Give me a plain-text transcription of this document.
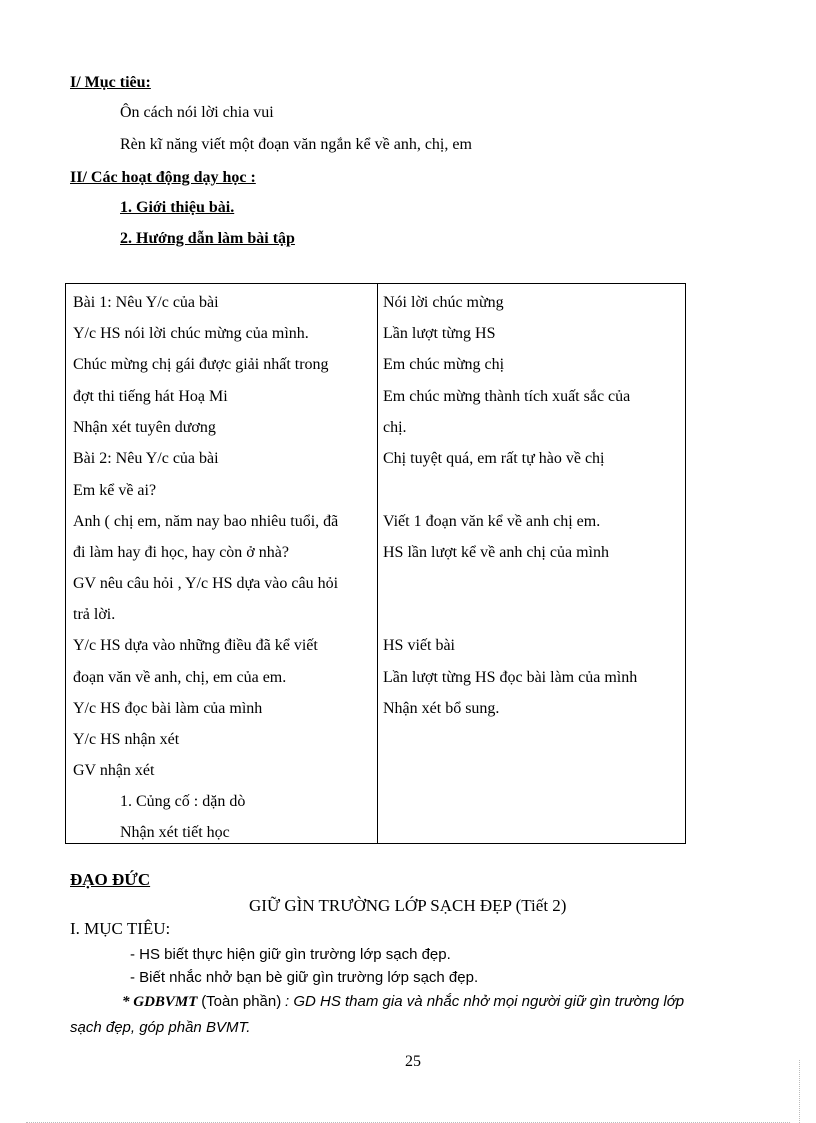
I/ Mục tiêu:
Ôn cách nói lời chia vui
Rèn kĩ năng viết một đoạn văn ngắn kể về anh, chị, em
II/ Các hoạt động dạy học :
1. Giới thiệu bài.
2. Hướng dẫn làm bài tập
Bài 1: Nêu Y/c của bài
Y/c HS nói lời chúc mừng của mình.
Chúc mừng chị gái được giải nhất trong
đợt thi tiếng hát Hoạ Mi
Nhận xét tuyên dương
Bài 2: Nêu Y/c của bài
Em kể về ai?
Anh ( chị em, năm nay bao nhiêu tuổi, đã
đi làm hay đi học, hay còn ở nhà?
GV nêu câu hỏi , Y/c HS dựa vào câu hỏi
trả lời.
Y/c HS dựa vào những điều đã kể viết
đoạn văn về anh, chị, em của em.
Y/c HS đọc bài làm của mình
Y/c HS nhận xét
GV nhận xét
1. Củng cố : dặn dò
Nhận xét tiết học
Nói lời chúc mừng
Lần lượt từng HS
Em chúc mừng chị
Em chúc mừng thành tích xuất sắc của
chị.
Chị tuyệt quá, em rất tự hào về chị
Viết 1 đoạn văn kể về anh chị em.
HS lần lượt kể về anh chị của mình
HS viết bài
Lần lượt từng HS đọc bài làm của mình
Nhận xét bổ sung.
ĐẠO ĐỨC
GIỮ GÌN TRƯỜNG LỚP SẠCH ĐẸP (Tiết 2)
I. MỤC TIÊU:
- HS biết thực hiện giữ gìn trường lớp sạch đẹp.
- Biết nhắc nhở bạn bè giữ gìn trường lớp sạch đẹp.
* GDBVMT (Toàn phần) : GD HS tham gia và nhắc nhở mọi người giữ gìn trường lớp
sạch đẹp, góp phần BVMT.
25
